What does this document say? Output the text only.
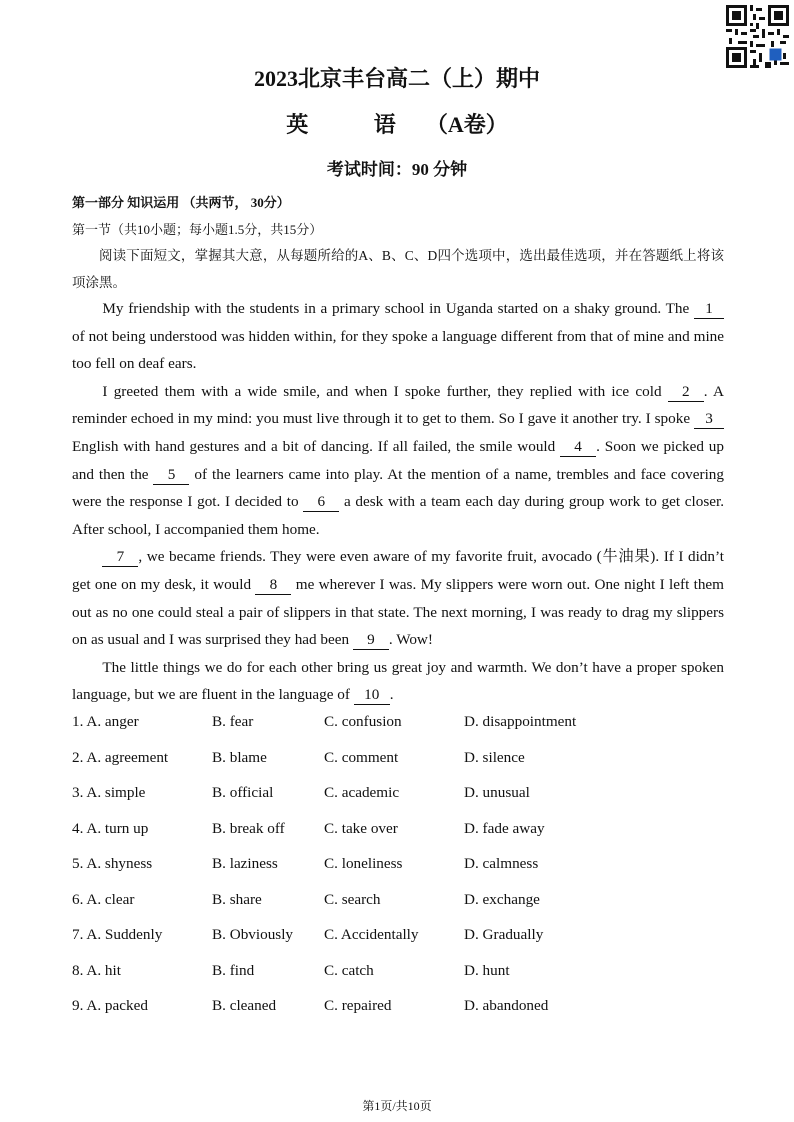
2023北京丰台高二（上）期中
英 语（A卷）
考试时间：90 分钟
第一部分 知识运用 （共两节， 30分）
第一节（共10小题；每小题1.5分，共15分）
阅读下面短文，掌握其大意，从每题所给的A、B、C、D四个选项中，选出最佳选项，并在答题纸上将该项涂黑。

My friendship with the students in a primary school in Uganda started on a shaky ground. The 1 of not being understood was hidden within, for they spoke a language different from that of mine and mine too fell on deaf ears.

I greeted them with a wide smile, and when I spoke further, they replied with ice cold 2 . A reminder echoed in my mind: you must live through it to get to them. So I gave it another try. I spoke 3 English with hand gestures and a bit of dancing. If all failed, the smile would 4 . Soon we picked up and then the 5 of the learners came into play. At the mention of a name, trembles and face covering were the response I got. I decided to 6 a desk with a team each day during group work to get closer. After school, I accompanied them home.

7 , we became friends. They were even aware of my favorite fruit, avocado (牛油果). If I didn’t get one on my desk, it would 8 me wherever I was. My slippers were worn out. One night I left them out as no one could steal a pair of slippers in that state. The next morning, I was ready to drag my slippers on as usual and I was surprised they had been 9 . Wow!

The little things we do for each other bring us great joy and warmth. We don’t have a proper spoken language, but we are fluent in the language of 10 .

1. A. anger	B. fear	C. confusion	D. disappointment
2. A. agreement	B. blame	C. comment	D. silence
3. A. simple	B. official	C. academic	D. unusual
4. A. turn up	B. break off	C. take over	D. fade away
5. A. shyness	B. laziness	C. loneliness	D. calmness
6. A. clear	B. share	C. search	D. exchange
7. A. Suddenly	B. Obviously C. Accidentally	D. Gradually
8. A. hit	B. find	C. catch	D. hunt
9. A. packed	B. cleaned	C. repaired	D. abandoned
第1页/共10页
